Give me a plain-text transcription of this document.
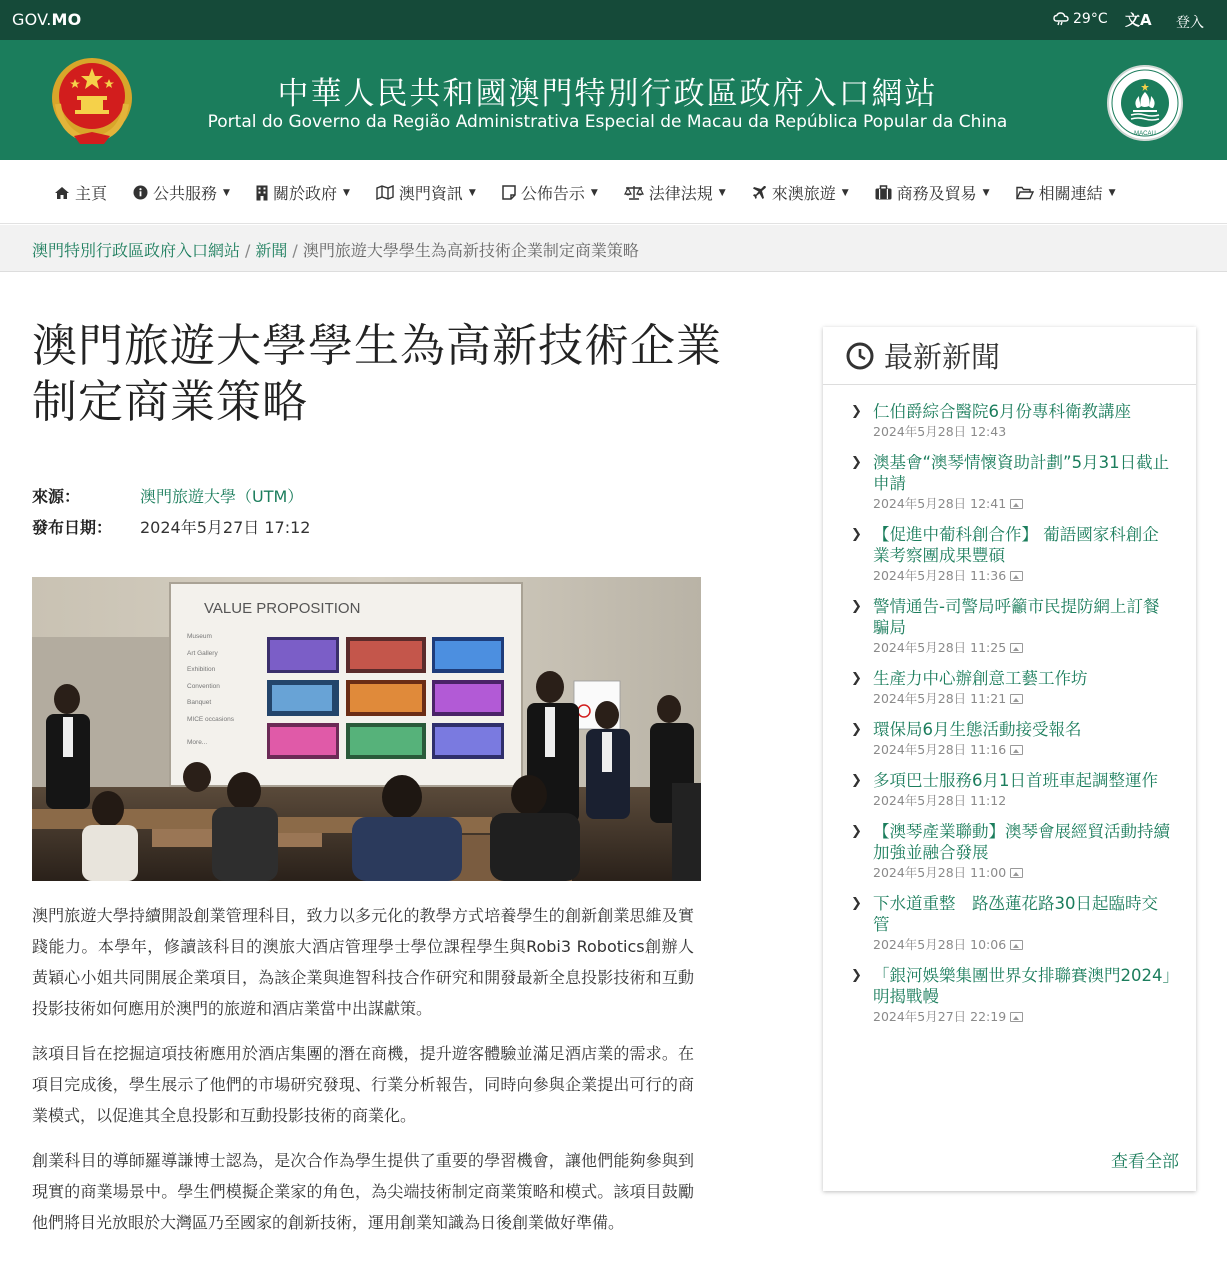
GOV.MO	29°C 文A 登入
中華人民共和國澳門特別行政區政府入口網站
Portal do Governo da Região Administrativa Especial de Macau da República Popular da China
MACAU
主頁	公共服務 ▼	關於政府 ▼	澳門資訊 ▼	公佈告示 ▼	法律法規 ▼	來澳旅遊 ▼	商務及貿易 ▼	相關連結 ▼
澳門特別行政區政府入口網站 / 新聞 / 澳門旅遊大學學生為高新技術企業制定商業策略
澳門旅遊大學學生為高新技術企業制定商業策略
來源：	澳門旅遊大學（UTM）
發布日期：	2024年5月27日 17:12
VALUE PROPOSITION
Museum
Art Gallery
Exhibition
Convention
Banquet
MICE occasions
More...

澳門旅遊大學持續開設創業管理科目，致力以多元化的教學方式培養學生的創新創業思維及實踐能力。本學年，修讀該科目的澳旅大酒店管理學士學位課程學生與Robi3 Robotics創辦人黃穎心小姐共同開展企業項目，為該企業與進智科技合作研究和開發最新全息投影技術和互動投影技術如何應用於澳門的旅遊和酒店業當中出謀獻策。

該項目旨在挖掘這項技術應用於酒店集團的潛在商機，提升遊客體驗並滿足酒店業的需求。在項目完成後，學生展示了他們的市場研究發現、行業分析報告，同時向參與企業提出可行的商業模式，以促進其全息投影和互動投影技術的商業化。

創業科目的導師羅導謙博士認為，是次合作為學生提供了重要的學習機會，讓他們能夠參與到現實的商業場景中。學生們模擬企業家的角色，為尖端技術制定商業策略和模式。該項目鼓勵他們將目光放眼於大灣區乃至國家的創新技術，運用創業知識為日後創業做好準備。

最新新聞
❯ 仁伯爵綜合醫院6月份專科衛教講座
2024年5月28日 12:43
❯ 澳基會“澳琴情懷資助計劃”5月31日截止申請
2024年5月28日 12:41
❯ 【促進中葡科創合作】 葡語國家科創企業考察團成果豐碩
2024年5月28日 11:36
❯ 警情通告-司警局呼籲市民提防網上訂餐騙局
2024年5月28日 11:25
❯ 生產力中心辦創意工藝工作坊
2024年5月28日 11:21
❯ 環保局6月生態活動接受報名
2024年5月28日 11:16
❯ 多項巴士服務6月1日首班車起調整運作
2024年5月28日 11:12
❯ 【澳琴產業聯動】澳琴會展經貿活動持續加強並融合發展
2024年5月28日 11:00
❯ 下水道重整　路氹蓮花路30日起臨時交管
2024年5月28日 10:06
❯ 「銀河娛樂集團世界女排聯賽澳門2024」明揭戰幔
2024年5月27日 22:19
查看全部
